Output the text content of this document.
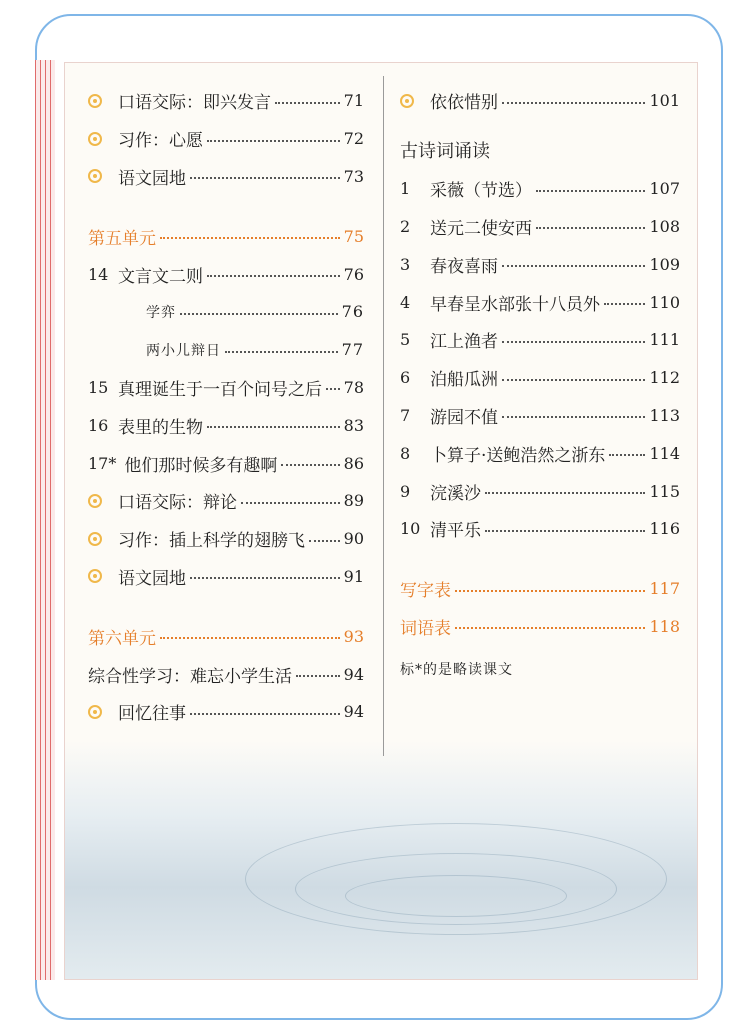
口语交际：即兴发言	71
习作：心愿	72
语文园地	73
第五单元	75
14 文言文二则	76
学弈	76
两小儿辩日	77
15 真理诞生于一百个问号之后 78
16 表里的生物	83
17* 他们那时候多有趣啊	86
口语交际：辩论	89
习作：插上科学的翅膀飞 90
语文园地	91
第六单元	93
综合性学习：难忘小学生活	94
回忆往事	94
依依惜别	101
古诗词诵读
1	采薇（节选）	107
2	送元二使安西	108
3	春夜喜雨	109
4	早春呈水部张十八员外	110
5	江上渔者	111
6	泊船瓜洲	112
7	游园不值	113
8	卜算子·送鲍浩然之浙东	114
9	浣溪沙	115
10 清平乐	116
写字表	117
词语表	118
标*的是略读课文
